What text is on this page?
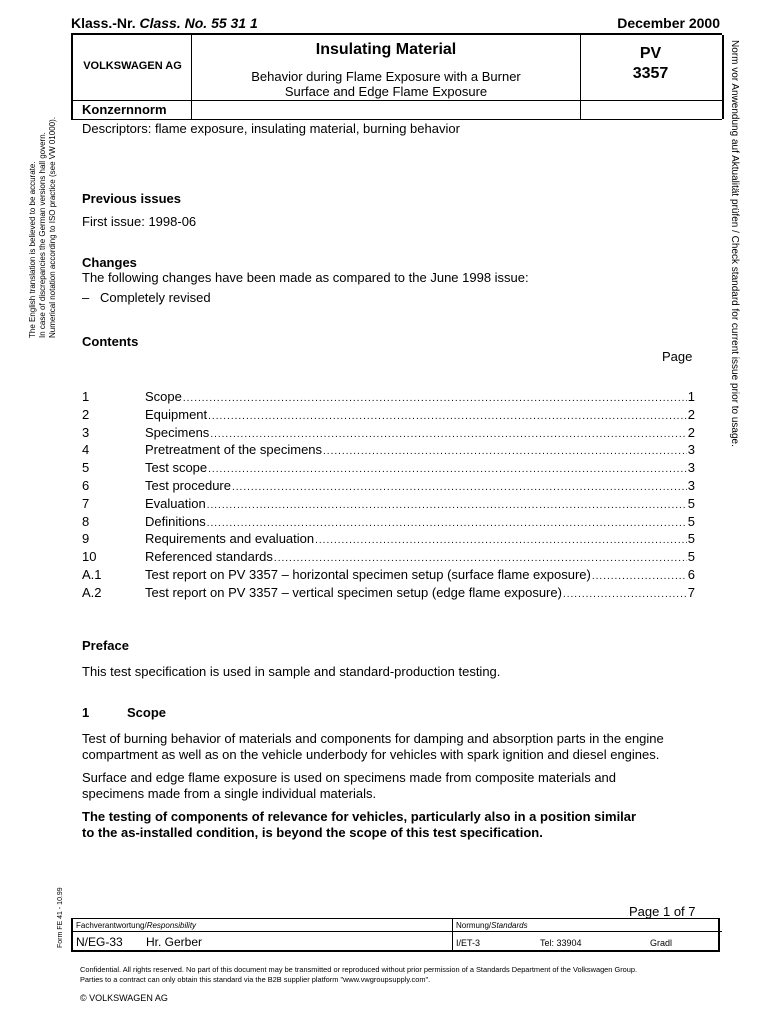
Klass.-Nr. Class. No. 55 31 1	December 2000
VOLKSWAGEN AG
Insulating Material
Behavior during Flame Exposure with a Burner
Surface and Edge Flame Exposure
PV
3357
Konzernnorm
Descriptors: flame exposure, insulating material, burning behavior
The English translation is believed to be accurate. In case of discrepancies the German versions hall govern. Numerical notation according to ISO practice (see VW 01000).	Norm vor Anwendung auf Aktualität prüfen / Check standard for current issue prior to usage.
Form FE 41 - 10.99
Previous issues
First issue: 1998-06
Changes
The following changes have been made as compared to the June 1998 issue:
– Completely revised
Contents
Page
1	Scope .....	1
2	Equipment .....	2
3	Specimens .....	2
4	Pretreatment of the specimens .....	3
5	Test scope .....	3
6	Test procedure .....	3
7	Evaluation .....	5
8	Definitions .....	5
9	Requirements and evaluation .....	5
10	Referenced standards .....	5
A.1	Test report on PV 3357 – horizontal specimen setup (surface flame exposure) .....	6
A.2	Test report on PV 3357 – vertical specimen setup (edge flame exposure) .....	7
Preface
This test specification is used in sample and standard-production testing.
1	Scope
Test of burning behavior of materials and components for damping and absorption parts in the engine
compartment as well as on the vehicle underbody for vehicles with spark ignition and diesel engines.
Surface and edge flame exposure is used on specimens made from composite materials and
specimens made from a single individual materials.
The testing of components of relevance for vehicles, particularly also in a position similar
to the as-installed condition, is beyond the scope of this test specification.
Page 1 of 7
Fachverantwortung/Responsibility
N/EG-33 Hr. Gerber
Normung/Standards
I/ET-3	Tel: 33904	Gradl
Confidential. All rights reserved. No part of this document may be transmitted or reproduced without prior permission of a Standards Department of the Volkswagen Group.
Parties to a contract can only obtain this standard via the B2B supplier platform "www.vwgroupsupply.com".
© VOLKSWAGEN AG
